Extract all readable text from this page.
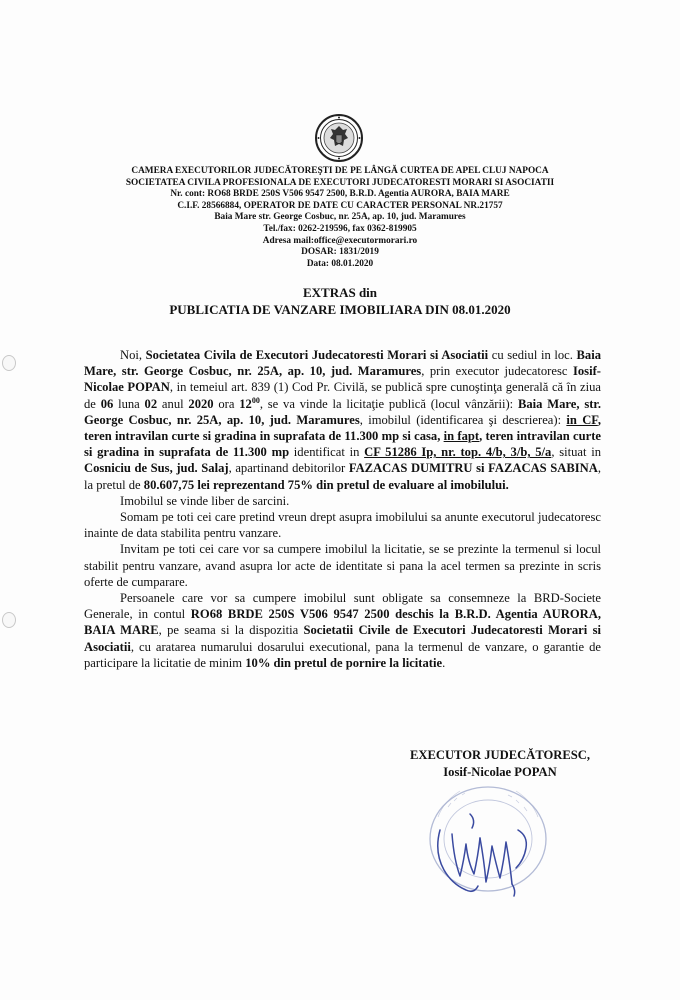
CAMERA EXECUTORILOR JUDECĂTOREŞTI DE PE LÂNGĂ CURTEA DE APEL CLUJ NAPOCA
SOCIETATEA CIVILA PROFESIONALA DE EXECUTORI JUDECATORESTI MORARI SI ASOCIATII
Nr. cont: RO68 BRDE 250S V506 9547 2500, B.R.D. Agentia AURORA, BAIA MARE
C.I.F. 28566884, OPERATOR DE DATE CU CARACTER PERSONAL NR.21757
Baia Mare str. George Cosbuc, nr. 25A, ap. 10, jud. Maramures
Tel./fax: 0262-219596, fax 0362-819905
Adresa mail:office@executormorari.ro
DOSAR: 1831/2019
Data: 08.01.2020
EXTRAS din
PUBLICATIA DE VANZARE IMOBILIARA DIN 08.01.2020

Noi, Societatea Civila de Executori Judecatoresti Morari si Asociatii cu sediul in loc. Baia Mare, str. George Cosbuc, nr. 25A, ap. 10, jud. Maramures, prin executor judecatoresc Iosif-Nicolae POPAN, in temeiul art. 839 (1) Cod Pr. Civilă, se publică spre cunoştinţa generală că în ziua de 06 luna 02 anul 2020 ora $12^{00}$, se va vinde la licitaţie publică (locul vânzării): Baia Mare, str. George Cosbuc, nr. 25A, ap. 10, jud. Maramures, imobilul (identificarea şi descrierea): in CF, teren intravilan curte si gradina in suprafata de 11.300 mp si casa, in fapt, teren intravilan curte si gradina in suprafata de 11.300 mp identificat in CF 51286 Ip, nr. top. 4/b, 3/b, 5/a, situat in Cosniciu de Sus, jud. Salaj, apartinand debitorilor FAZACAS DUMITRU si FAZACAS SABINA, la pretul de 80.607,75 lei reprezentand 75% din pretul de evaluare al imobilului.

Imobilul se vinde liber de sarcini.

Somam pe toti cei care pretind vreun drept asupra imobilului sa anunte executorul judecatoresc inainte de data stabilita pentru vanzare.

Invitam pe toti cei care vor sa cumpere imobilul la licitatie, se se prezinte la termenul si locul stabilit pentru vanzare, avand asupra lor acte de identitate si pana la acel termen sa prezinte in scris oferte de cumparare.

Persoanele care vor sa cumpere imobilul sunt obligate sa consemneze la BRD-Societe Generale, in contul RO68 BRDE 250S V506 9547 2500 deschis la B.R.D. Agentia AURORA, BAIA MARE, pe seama si la dispozitia Societatii Civile de Executori Judecatoresti Morari si Asociatii, cu aratarea numarului dosarului executional, pana la termenul de vanzare, o garantie de participare la licitatie de minim 10% din pretul de pornire la licitatie.

EXECUTOR JUDECĂTORESC,
Iosif-Nicolae POPAN
